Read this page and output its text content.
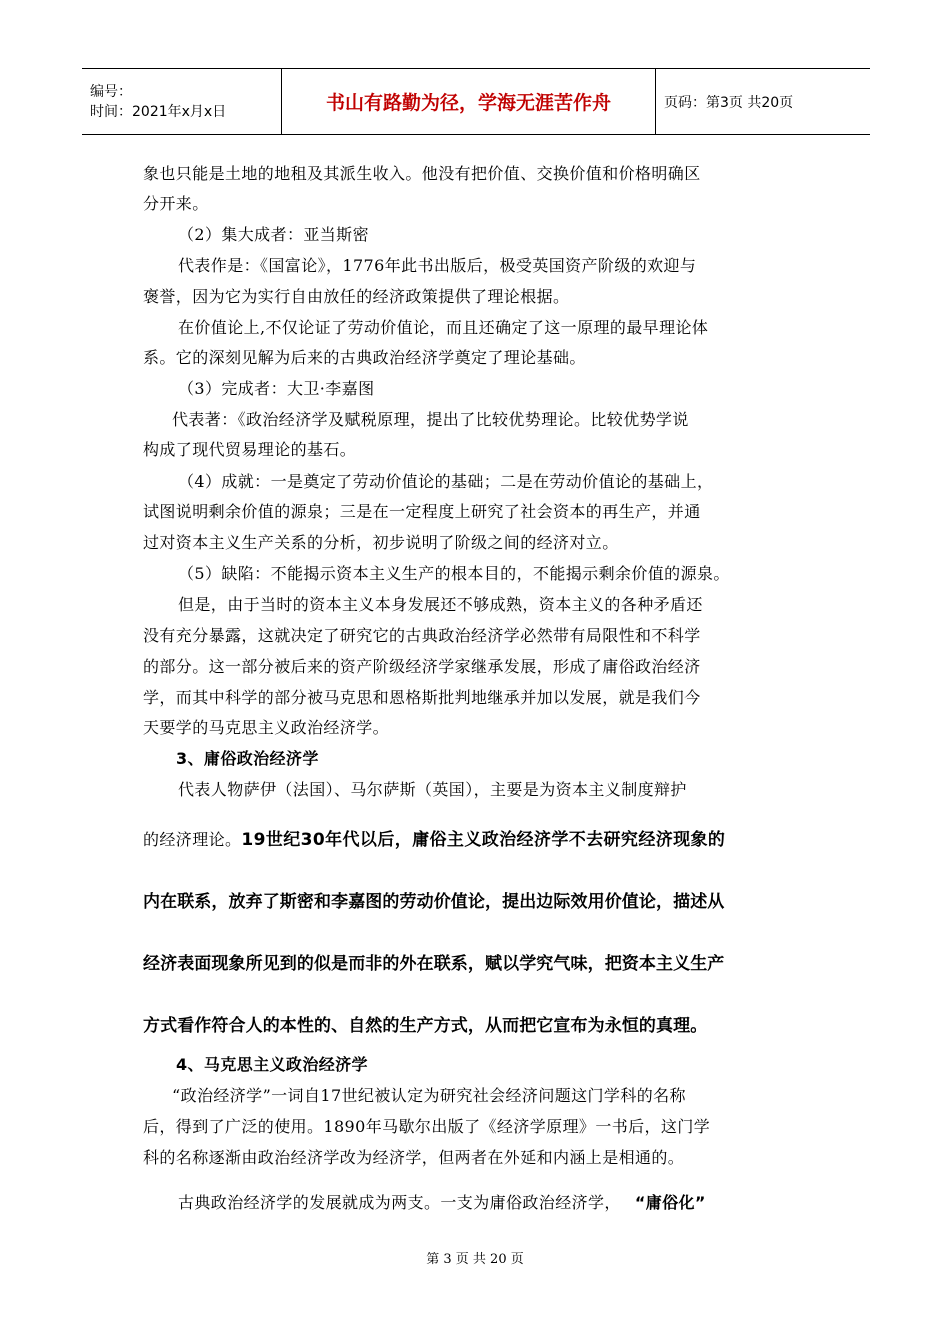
编号：
时间：2021年x月x日	书山有路勤为径，学海无涯苦作舟	页码：第3页 共20页
象也只能是土地的地租及其派生收入。他没有把价值、交换价值和价格明确区
分开来。
（2）集大成者：亚当斯密
代表作是：《国富论》，1776年此书出版后，极受英国资产阶级的欢迎与
褒誉，因为它为实行自由放任的经济政策提供了理论根据。
在价值论上,不仅论证了劳动价值论，而且还确定了这一原理的最早理论体
系。它的深刻见解为后来的古典政治经济学奠定了理论基础。
（3）完成者：大卫·李嘉图
代表著：《政治经济学及赋税原理，提出了比较优势理论。比较优势学说
构成了现代贸易理论的基石。
（4）成就：一是奠定了劳动价值论的基础；二是在劳动价值论的基础上，
试图说明剩余价值的源泉；三是在一定程度上研究了社会资本的再生产，并通
过对资本主义生产关系的分析，初步说明了阶级之间的经济对立。
（5）缺陷：不能揭示资本主义生产的根本目的，不能揭示剩余价值的源泉。
但是，由于当时的资本主义本身发展还不够成熟，资本主义的各种矛盾还
没有充分暴露，这就决定了研究它的古典政治经济学必然带有局限性和不科学
的部分。这一部分被后来的资产阶级经济学家继承发展，形成了庸俗政治经济
学，而其中科学的部分被马克思和恩格斯批判地继承并加以发展，就是我们今
天要学的马克思主义政治经济学。
3、庸俗政治经济学
代表人物萨伊（法国）、马尔萨斯（英国），主要是为资本主义制度辩护
的经济理论。19世纪30年代以后，庸俗主义政治经济学不去研究经济现象的
内在联系，放弃了斯密和李嘉图的劳动价值论，提出边际效用价值论，描述从
经济表面现象所见到的似是而非的外在联系，赋以学究气味，把资本主义生产
方式看作符合人的本性的、自然的生产方式，从而把它宣布为永恒的真理。
4、马克思主义政治经济学
“政治经济学”一词自17世纪被认定为研究社会经济问题这门学科的名称
后，得到了广泛的使用。1890年马歇尔出版了《经济学原理》一书后，这门学
科的名称逐渐由政治经济学改为经济学，但两者在外延和内涵上是相通的。
古典政治经济学的发展就成为两支。一支为庸俗政治经济学， “庸俗化”
第 3 页 共 20 页
